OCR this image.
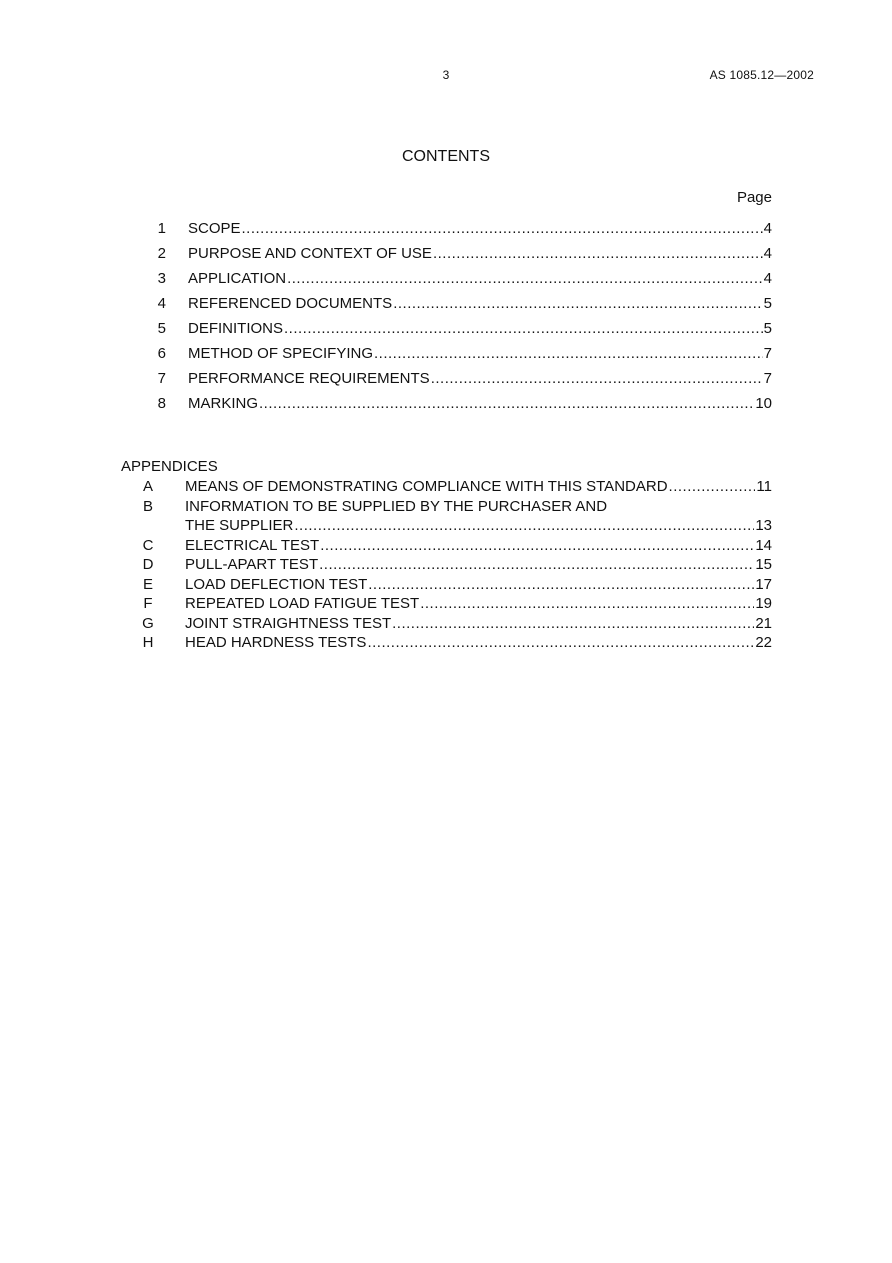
3	AS 1085.12—2002
CONTENTS
Page
1 SCOPE .....	4
2 PURPOSE AND CONTEXT OF USE .....	4
3 APPLICATION .....	4
4 REFERENCED DOCUMENTS .....	5
5 DEFINITIONS .....	5
6 METHOD OF SPECIFYING .....	7
7 PERFORMANCE REQUIREMENTS .....	7
8 MARKING .....	10
APPENDICES
A MEANS OF DEMONSTRATING COMPLIANCE WITH THIS STANDARD .....	11
B INFORMATION TO BE SUPPLIED BY THE PURCHASER AND
THE SUPPLIER .....	13
C ELECTRICAL TEST .....	14
D PULL-APART TEST .....	15
E LOAD DEFLECTION TEST .....	17
F REPEATED LOAD FATIGUE TEST .....	19
G JOINT STRAIGHTNESS TEST .....	21
H HEAD HARDNESS TESTS .....	22
